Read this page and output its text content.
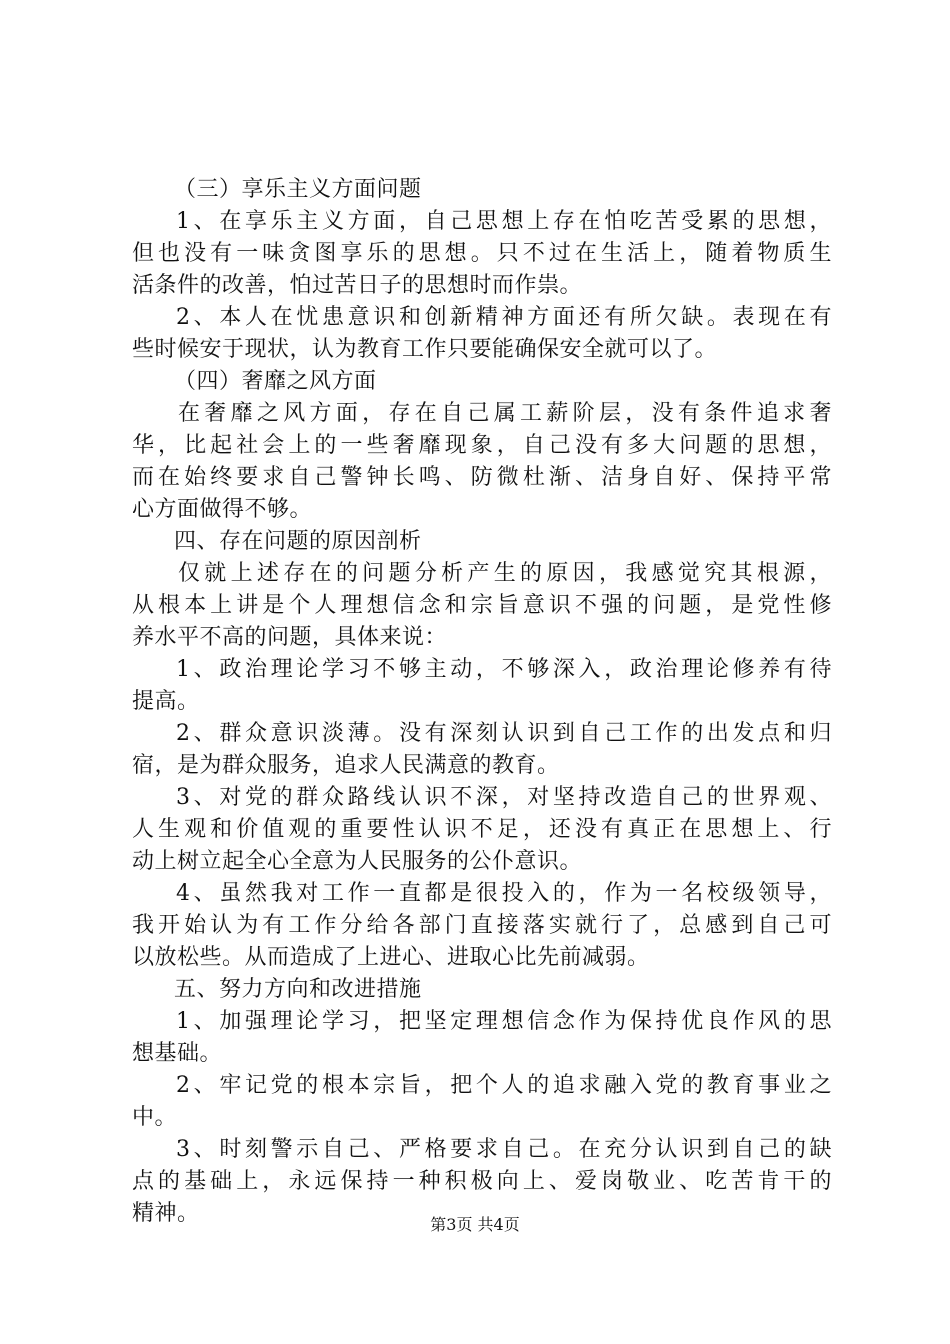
（三）享乐主义方面问题
1、在享乐主义方面，自己思想上存在怕吃苦受累的思想，
但也没有一味贪图享乐的思想。只不过在生活上，随着物质生
活条件的改善，怕过苦日子的思想时而作祟。
2、本人在忧患意识和创新精神方面还有所欠缺。表现在有
些时候安于现状，认为教育工作只要能确保安全就可以了。
（四）奢靡之风方面
在奢靡之风方面，存在自己属工薪阶层，没有条件追求奢
华，比起社会上的一些奢靡现象，自己没有多大问题的思想，
而在始终要求自己警钟长鸣、防微杜渐、洁身自好、保持平常
心方面做得不够。
四、存在问题的原因剖析
仅就上述存在的问题分析产生的原因，我感觉究其根源，
从根本上讲是个人理想信念和宗旨意识不强的问题，是党性修
养水平不高的问题，具体来说：
1、政治理论学习不够主动，不够深入，政治理论修养有待
提高。
2、群众意识淡薄。没有深刻认识到自己工作的出发点和归
宿，是为群众服务，追求人民满意的教育。
3、对党的群众路线认识不深，对坚持改造自己的世界观、
人生观和价值观的重要性认识不足，还没有真正在思想上、行
动上树立起全心全意为人民服务的公仆意识。
4、虽然我对工作一直都是很投入的，作为一名校级领导，
我开始认为有工作分给各部门直接落实就行了，总感到自己可
以放松些。从而造成了上进心、进取心比先前减弱。
五、努力方向和改进措施
1、加强理论学习，把坚定理想信念作为保持优良作风的思
想基础。
2、牢记党的根本宗旨，把个人的追求融入党的教育事业之
中。
3、时刻警示自己、严格要求自己。在充分认识到自己的缺
点的基础上，永远保持一种积极向上、爱岗敬业、吃苦肯干的
精神。	第3页 共4页
